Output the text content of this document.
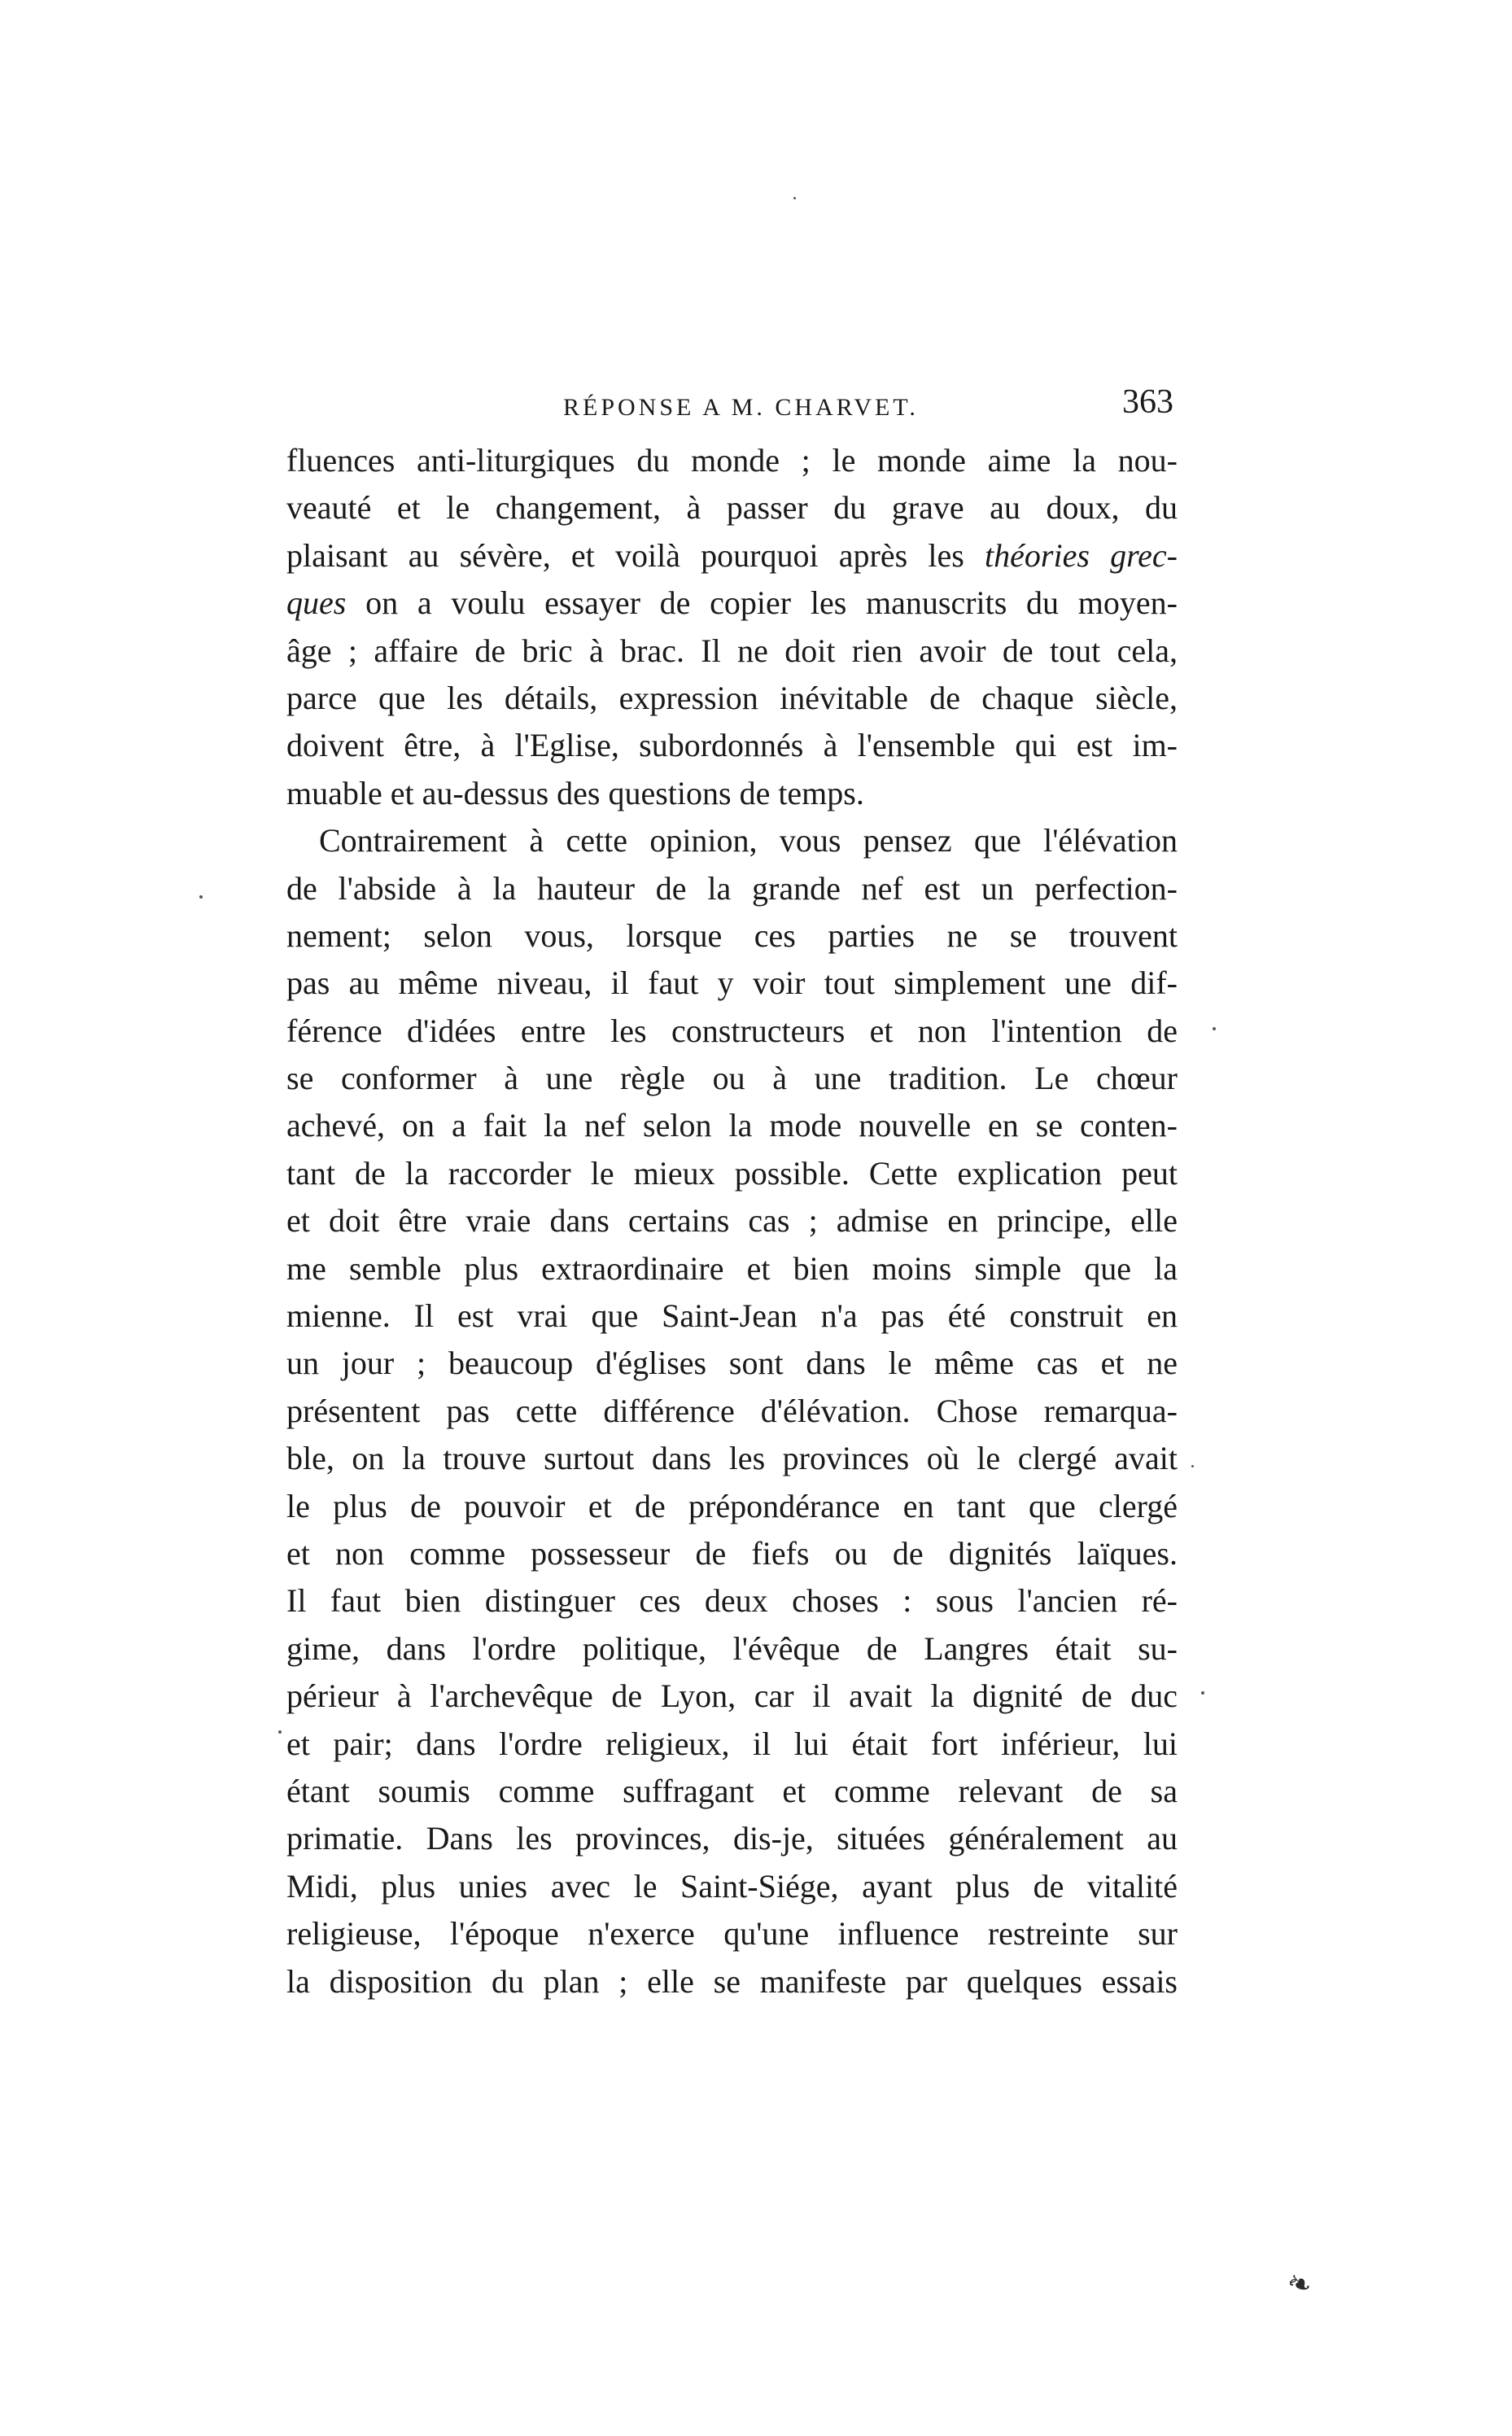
RÉPONSE A M. CHARVET.	363
fluences anti-liturgiques du monde ; le monde aime la nou-
veauté et le changement, à passer du grave au doux, du
plaisant au sévère, et voilà pourquoi après les théories grec-
ques on a voulu essayer de copier les manuscrits du moyen-
âge ; affaire de bric à brac. Il ne doit rien avoir de tout cela,
parce que les détails, expression inévitable de chaque siècle,
doivent être, à l'Eglise, subordonnés à l'ensemble qui est im-
muable et au-dessus des questions de temps.
Contrairement à cette opinion, vous pensez que l'élévation
de l'abside à la hauteur de la grande nef est un perfection-
nement; selon vous, lorsque ces parties ne se trouvent
pas au même niveau, il faut y voir tout simplement une dif-
férence d'idées entre les constructeurs et non l'intention de
se conformer à une règle ou à une tradition. Le chœur
achevé, on a fait la nef selon la mode nouvelle en se conten-
tant de la raccorder le mieux possible. Cette explication peut
et doit être vraie dans certains cas ; admise en principe, elle
me semble plus extraordinaire et bien moins simple que la
mienne. Il est vrai que Saint-Jean n'a pas été construit en
un jour ; beaucoup d'églises sont dans le même cas et ne
présentent pas cette différence d'élévation. Chose remarqua-
ble, on la trouve surtout dans les provinces où le clergé avait
le plus de pouvoir et de prépondérance en tant que clergé
et non comme possesseur de fiefs ou de dignités laïques.
Il faut bien distinguer ces deux choses : sous l'ancien ré-
gime, dans l'ordre politique, l'évêque de Langres était su-
périeur à l'archevêque de Lyon, car il avait la dignité de duc
et pair; dans l'ordre religieux, il lui était fort inférieur, lui
étant soumis comme suffragant et comme relevant de sa
primatie. Dans les provinces, dis-je, situées généralement au
Midi, plus unies avec le Saint-Siége, ayant plus de vitalité
religieuse, l'époque n'exerce qu'une influence restreinte sur
la disposition du plan ; elle se manifeste par quelques essais
❧
